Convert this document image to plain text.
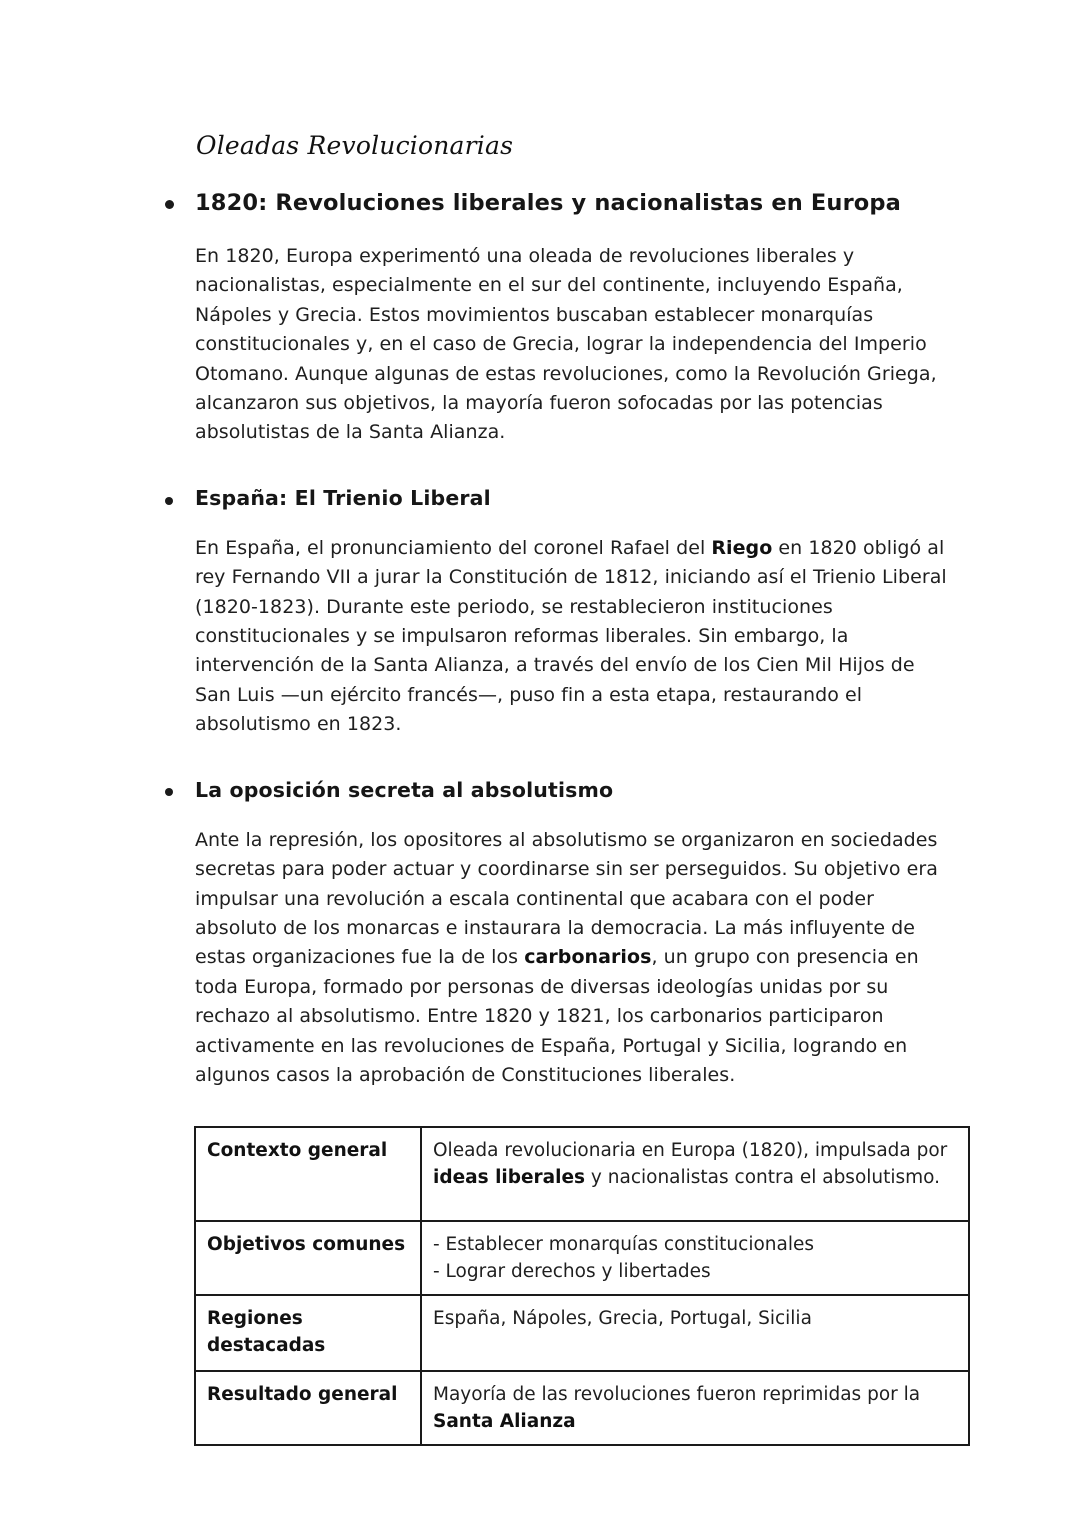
Oleadas Revolucionarias
1820: Revoluciones liberales y nacionalistas en Europa
En 1820, Europa experimentó una oleada de revoluciones liberales y nacionalistas, especialmente en el sur del continente, incluyendo España, Nápoles y Grecia. Estos movimientos buscaban establecer monarquías constitucionales y, en el caso de Grecia, lograr la independencia del Imperio Otomano. Aunque algunas de estas revoluciones, como la Revolución Griega, alcanzaron sus objetivos, la mayoría fueron sofocadas por las potencias absolutistas de la Santa Alianza.
España: El Trienio Liberal
En España, el pronunciamiento del coronel Rafael del Riego en 1820 obligó al rey Fernando VII a jurar la Constitución de 1812, iniciando así el Trienio Liberal (1820-1823). Durante este periodo, se restablecieron instituciones constitucionales y se impulsaron reformas liberales. Sin embargo, la intervención de la Santa Alianza, a través del envío de los Cien Mil Hijos de San Luis —un ejército francés—, puso fin a esta etapa, restaurando el absolutismo en 1823.
La oposición secreta al absolutismo
Ante la represión, los opositores al absolutismo se organizaron en sociedades secretas para poder actuar y coordinarse sin ser perseguidos. Su objetivo era impulsar una revolución a escala continental que acabara con el poder absoluto de los monarcas e instaurara la democracia. La más influyente de estas organizaciones fue la de los carbonarios, un grupo con presencia en toda Europa, formado por personas de diversas ideologías unidas por su rechazo al absolutismo. Entre 1820 y 1821, los carbonarios participaron activamente en las revoluciones de España, Portugal y Sicilia, logrando en algunos casos la aprobación de Constituciones liberales.
Contexto general	Oleada revolucionaria en Europa (1820), impulsada por ideas liberales y nacionalistas contra el absolutismo.
Objetivos comunes	- Establecer monarquías constitucionales
- Lograr derechos y libertades
Regiones destacadas	España, Nápoles, Grecia, Portugal, Sicilia
Resultado general	Mayoría de las revoluciones fueron reprimidas por la Santa Alianza
